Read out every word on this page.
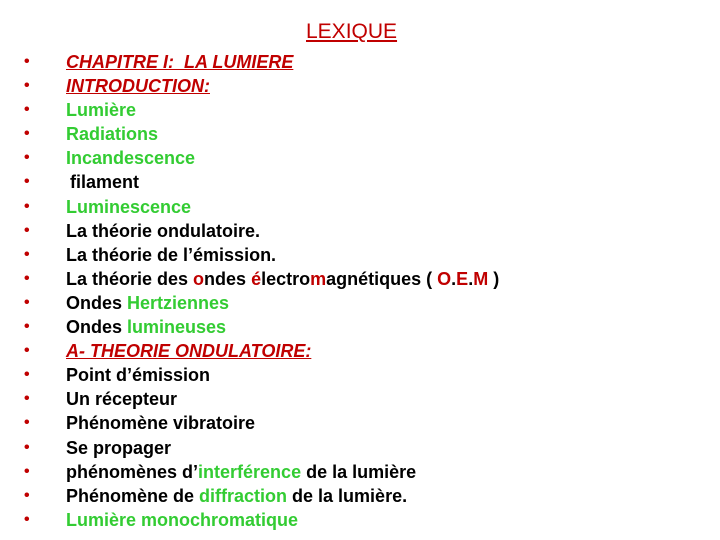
LEXIQUE
•	CHAPITRE I:  LA LUMIERE
•	INTRODUCTION:
•	Lumière
•	Radiations
•	Incandescence
•	filament
•	Luminescence
•	La théorie ondulatoire.
•	La théorie de l’émission.
•	La théorie des ondes électromagnétiques ( O.E.M )
•	Ondes Hertziennes
•	Ondes lumineuses
•	A- THEORIE ONDULATOIRE:
•	Point d’émission
•	Un récepteur
•	Phénomène vibratoire
•	Se propager
•	phénomènes d’interférence de la lumière
•	Phénomène de diffraction de la lumière.
•	Lumière monochromatique
